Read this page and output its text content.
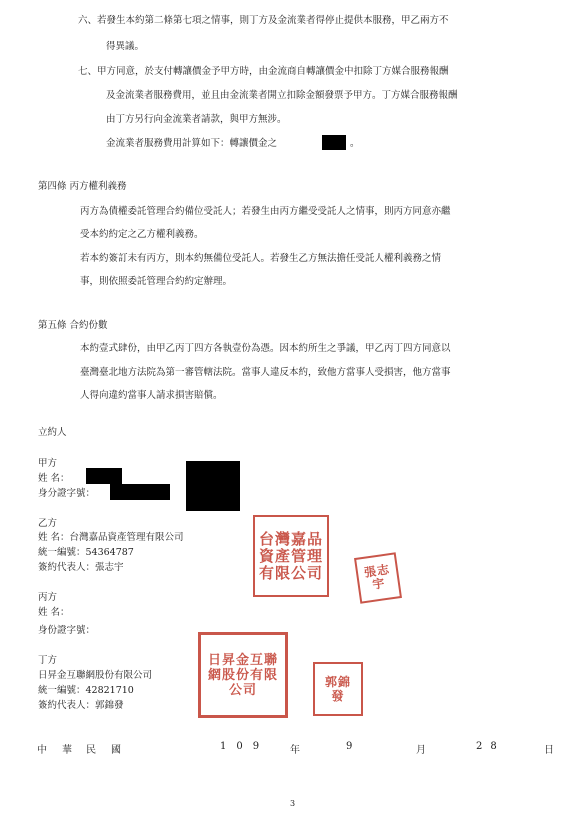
六、若發生本約第二條第七項之情事，則丁方及金流業者得停止提供本服務，甲乙兩方不
得異議。
七、甲方同意，於支付轉讓價金予甲方時，由金流商自轉讓價金中扣除丁方媒合服務報酬
及金流業者服務費用，並且由金流業者開立扣除金額發票予甲方。丁方媒合服務報酬
由丁方另行向金流業者請款，與甲方無涉。
金流業者服務費用計算如下：轉讓價金之	。
第四條 丙方權利義務
丙方為債權委託管理合約備位受託人；若發生由丙方繼受受託人之情事，則丙方同意亦繼
受本約約定之乙方權利義務。
若本約簽訂未有丙方，則本約無備位受託人。若發生乙方無法擔任受託人權利義務之情
事，則依照委託管理合約約定辦理。
第五條 合約份數
本約壹式肆份，由甲乙丙丁四方各執壹份為憑。因本約所生之爭議，甲乙丙丁四方同意以
臺灣臺北地方法院為第一審管轄法院。當事人違反本約，致他方當事人受損害，他方當事
人得向違約當事人請求損害賠償。
立約人
甲方
姓 名：
身分證字號：
乙方
姓 名：台灣嘉品資產管理有限公司
統一編號：54364787
簽約代表人：張志宇
丙方
姓 名：
身份證字號：
丁方
日昇金互聯網股份有限公司
統一編號：42821710
簽約代表人：郭錦發
台灣嘉品資產管理有限公司	張志宇
日昇金互聯網股份有限公司
郭錦發
中 華 民 國	109 年	9	月	28	日
3
